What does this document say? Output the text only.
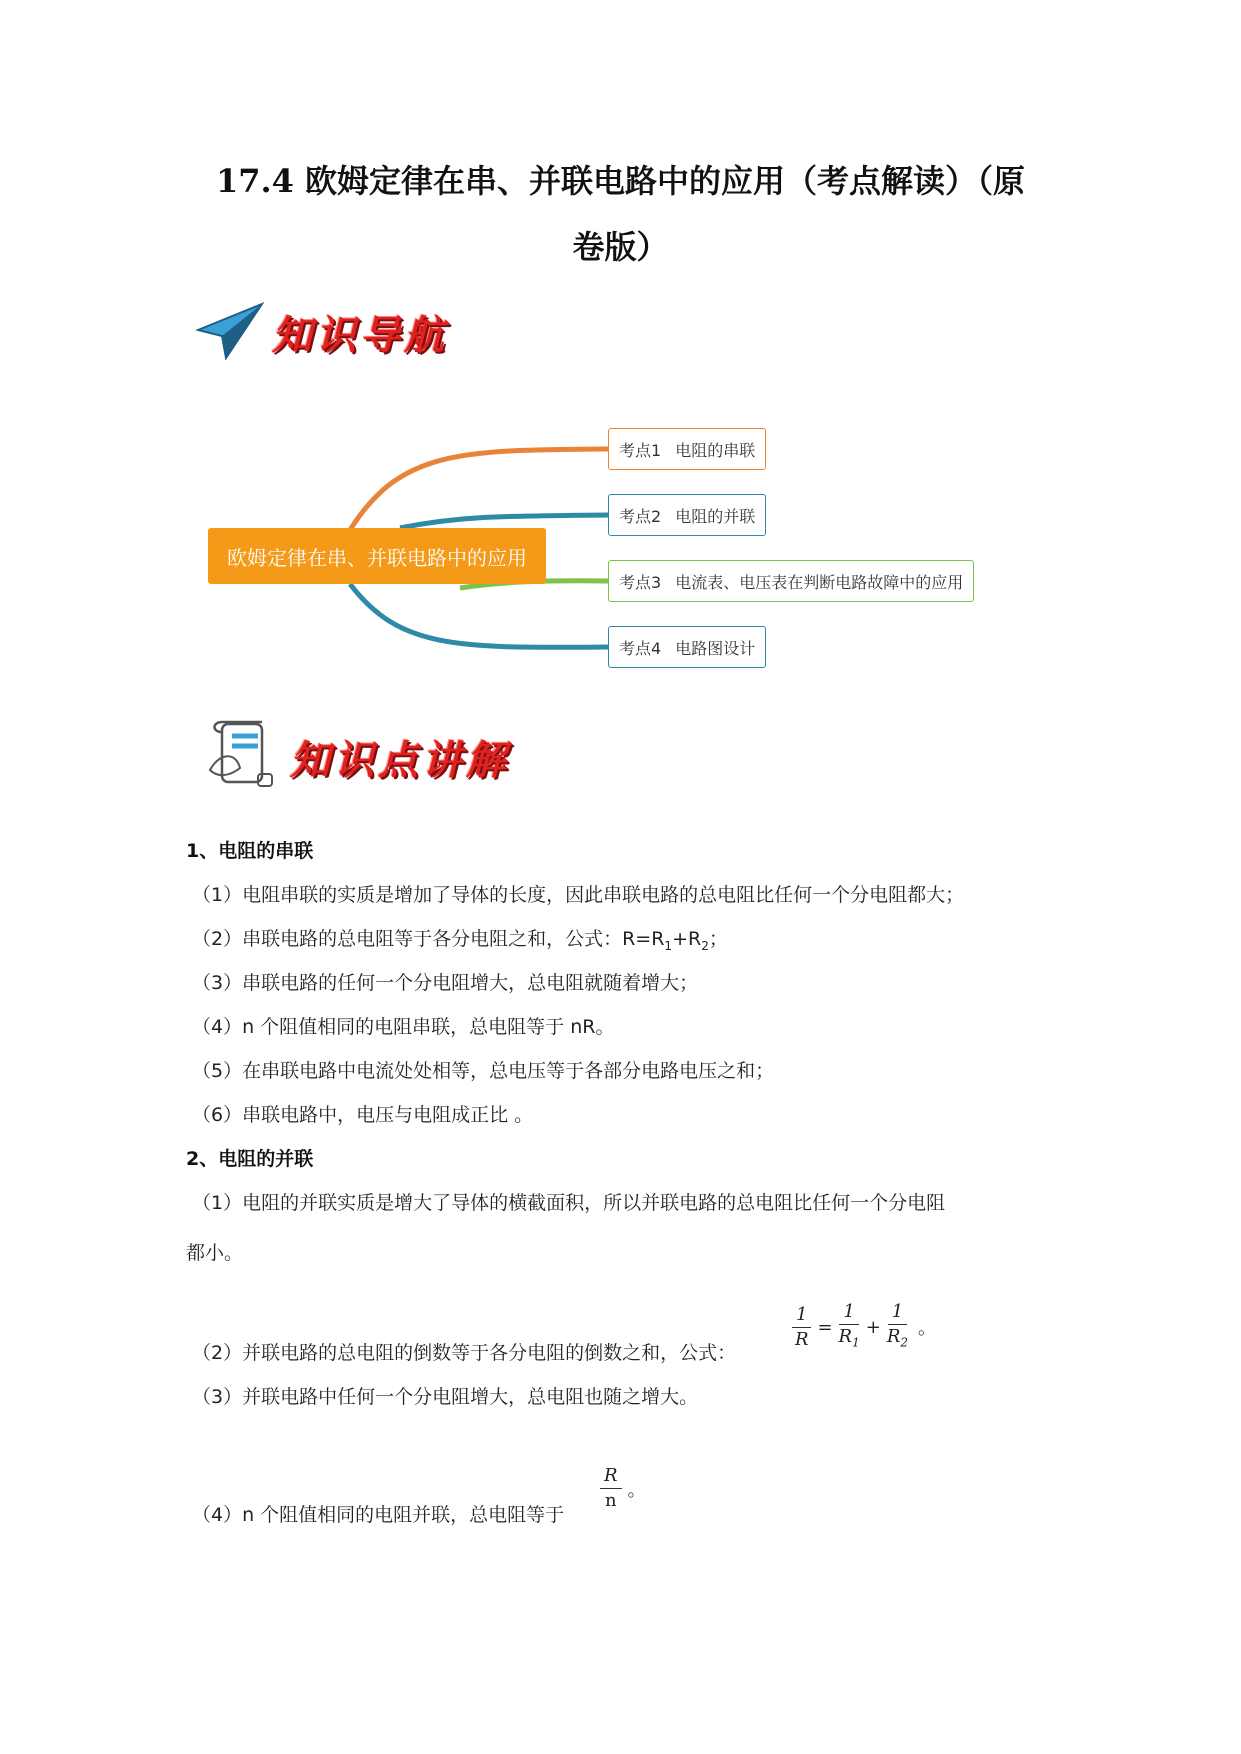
17.4 欧姆定律在串、并联电路中的应用（考点解读）（原卷版）
知识导航
欧姆定律在串、并联电路中的应用
考点1 电阻的串联
考点2 电阻的并联
考点3 电流表、电压表在判断电路故障中的应用
考点4 电路图设计
知识点讲解
1、电阻的串联
（1）电阻串联的实质是增加了导体的长度，因此串联电路的总电阻比任何一个分电阻都大；
（2）串联电路的总电阻等于各分电阻之和，公式：$R=R_1+R_2$；
（3）串联电路的任何一个分电阻增大，总电阻就随着增大；
（4）n 个阻值相同的电阻串联，总电阻等于 nR。
（5）在串联电路中电流处处相等，总电压等于各部分电路电压之和；
（6）串联电路中，电压与电阻成正比 。
2、电阻的并联
（1）电阻的并联实质是增大了导体的横截面积，所以并联电路的总电阻比任何一个分电阻
都小。
（2）并联电路的总电阻的倒数等于各分电阻的倒数之和，公式：
$\frac{1}{R} = \frac{1}{R_1} + \frac{1}{R_2}$ 。
（3）并联电路中任何一个分电阻增大，总电阻也随之增大。
（4）n 个阻值相同的电阻并联，总电阻等于
$\frac{R}{n}$ 。
